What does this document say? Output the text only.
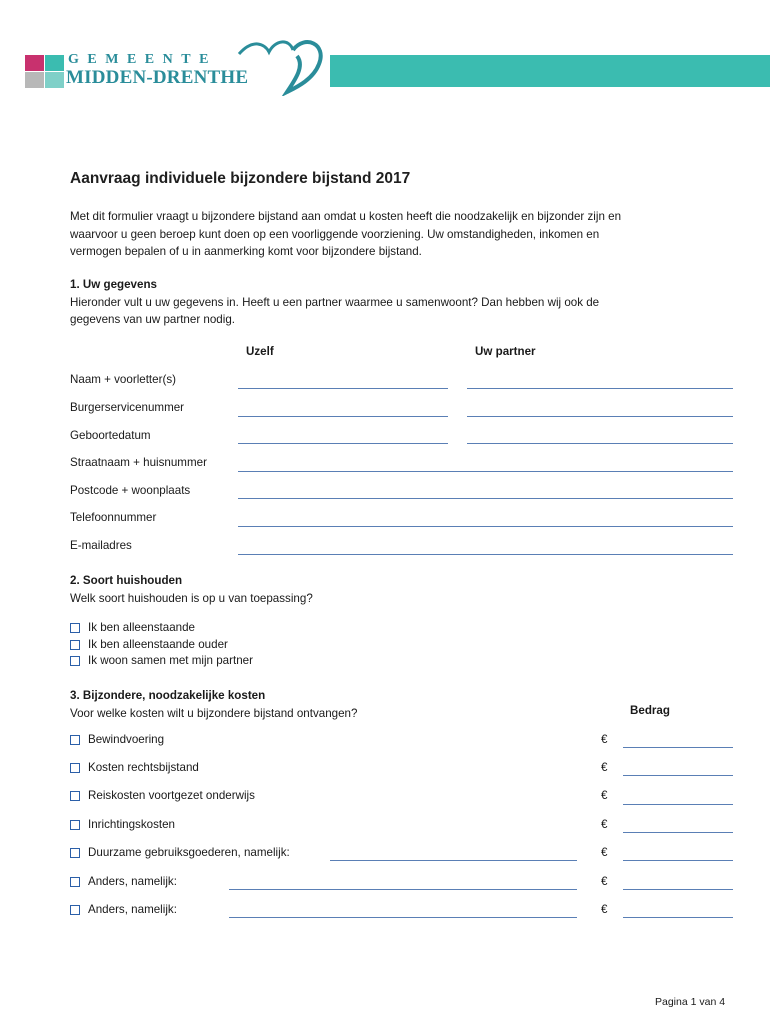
GEMEENTE
MIDDEN-DRENTHE
Aanvraag individuele bijzondere bijstand 2017
Met dit formulier vraagt u bijzondere bijstand aan omdat u kosten heeft die noodzakelijk en bijzonder zijn en
waarvoor u geen beroep kunt doen op een voorliggende voorziening. Uw omstandigheden, inkomen en
vermogen bepalen of u in aanmerking komt voor bijzondere bijstand.
1. Uw gegevens
Hieronder vult u uw gegevens in. Heeft u een partner waarmee u samenwoont? Dan hebben wij ook de
gegevens van uw partner nodig.
Uzelf	Uw partner
Naam + voorletter(s)
Burgerservicenummer
Geboortedatum
Straatnaam + huisnummer
Postcode + woonplaats
Telefoonnummer
E-mailadres
2. Soort huishouden
Welk soort huishouden is op u van toepassing?
Ik ben alleenstaande
Ik ben alleenstaande ouder
Ik woon samen met mijn partner
3. Bijzondere, noodzakelijke kosten
Voor welke kosten wilt u bijzondere bijstand ontvangen?	Bedrag
Bewindvoering	€
Kosten rechtsbijstand	€
Reiskosten voortgezet onderwijs	€
Inrichtingskosten	€
Duurzame gebruiksgoederen, namelijk:	€
Anders, namelijk:	€
Anders, namelijk:	€
Pagina 1 van 4
